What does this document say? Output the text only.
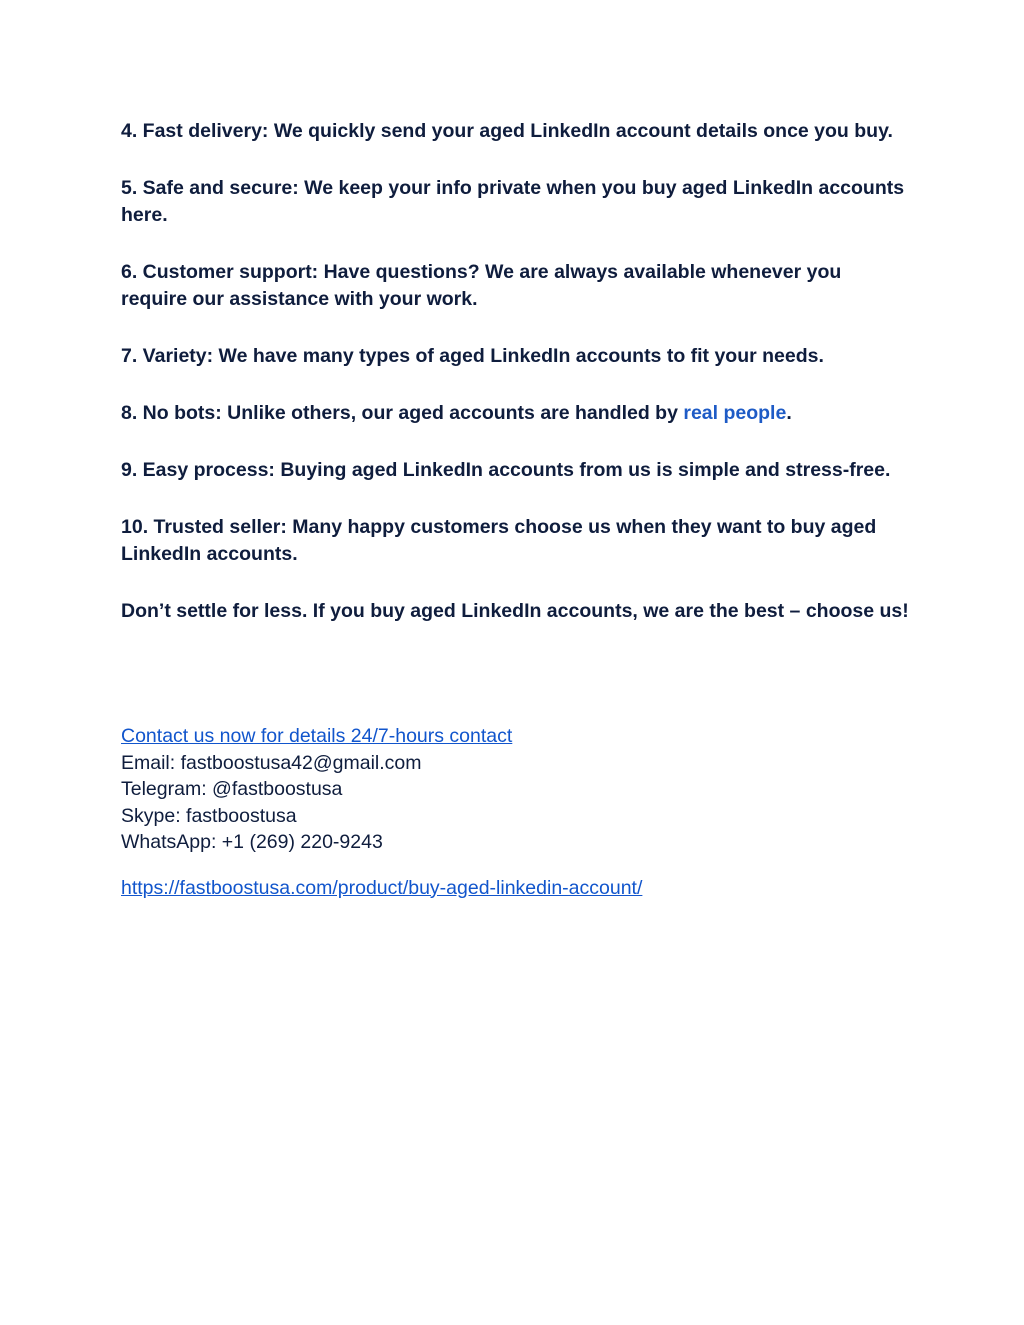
4. Fast delivery: We quickly send your aged LinkedIn account details once you buy.

5. Safe and secure: We keep your info private when you buy aged LinkedIn accounts here.

6. Customer support: Have questions? We are always available whenever you require our assistance with your work.

7. Variety: We have many types of aged LinkedIn accounts to fit your needs.

8. No bots: Unlike others, our aged accounts are handled by real people.

9. Easy process: Buying aged LinkedIn accounts from us is simple and stress-free.

10. Trusted seller: Many happy customers choose us when they want to buy aged LinkedIn accounts.

Don’t settle for less. If you buy aged LinkedIn accounts, we are the best – choose us!

Contact us now for details 24/7-hours contact
Email: fastboostusa42@gmail.com
Telegram: @fastboostusa
Skype: fastboostusa
WhatsApp: +1 (269) 220-9243
https://fastboostusa.com/product/buy-aged-linkedin-account/
